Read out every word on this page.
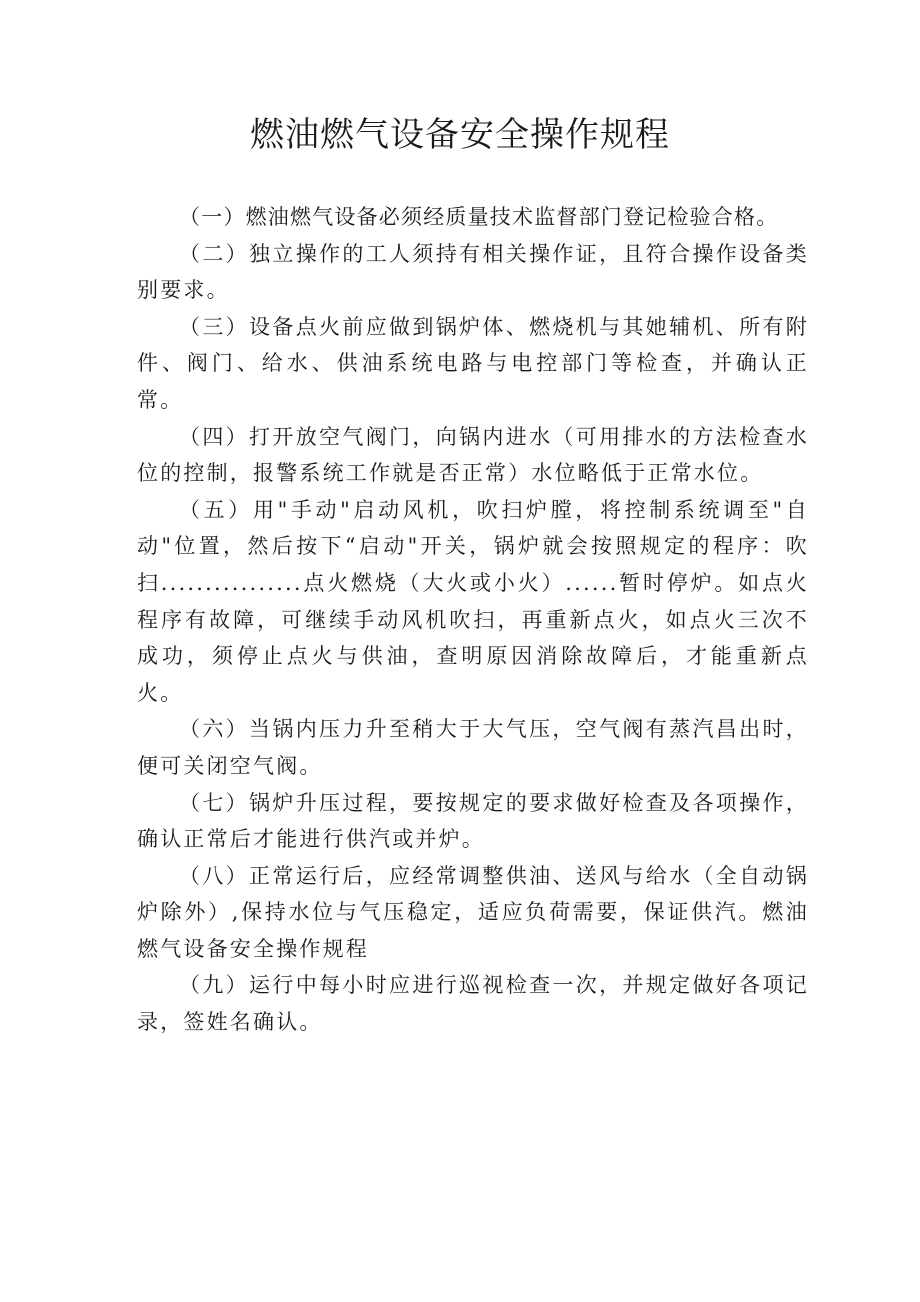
燃油燃气设备安全操作规程

（一）燃油燃气设备必须经质量技术监督部门登记检验合格。

（二）独立操作的工人须持有相关操作证，且符合操作设备类别要求。

（三）设备点火前应做到锅炉体、燃烧机与其她辅机、所有附件、阀门、给水、供油系统电路与电控部门等检查，并确认正常。

（四）打开放空气阀门，向锅内进水（可用排水的方法检查水位的控制，报警系统工作就是否正常）水位略低于正常水位。

（五）用"手动"启动风机，吹扫炉膛，将控制系统调至"自动"位置，然后按下“启动"开关，锅炉就会按照规定的程序：吹扫................点火燃烧（大火或小火）......暂时停炉。如点火程序有故障，可继续手动风机吹扫，再重新点火，如点火三次不成功，须停止点火与供油，查明原因消除故障后，才能重新点火。

（六）当锅内压力升至稍大于大气压，空气阀有蒸汽昌出时，便可关闭空气阀。

（七）锅炉升压过程，要按规定的要求做好检查及各项操作，确认正常后才能进行供汽或并炉。

（八）正常运行后，应经常调整供油、送风与给水（全自动锅炉除外）,保持水位与气压稳定，适应负荷需要，保证供汽。燃油燃气设备安全操作规程

（九）运行中每小时应进行巡视检查一次，并规定做好各项记录，签姓名确认。
